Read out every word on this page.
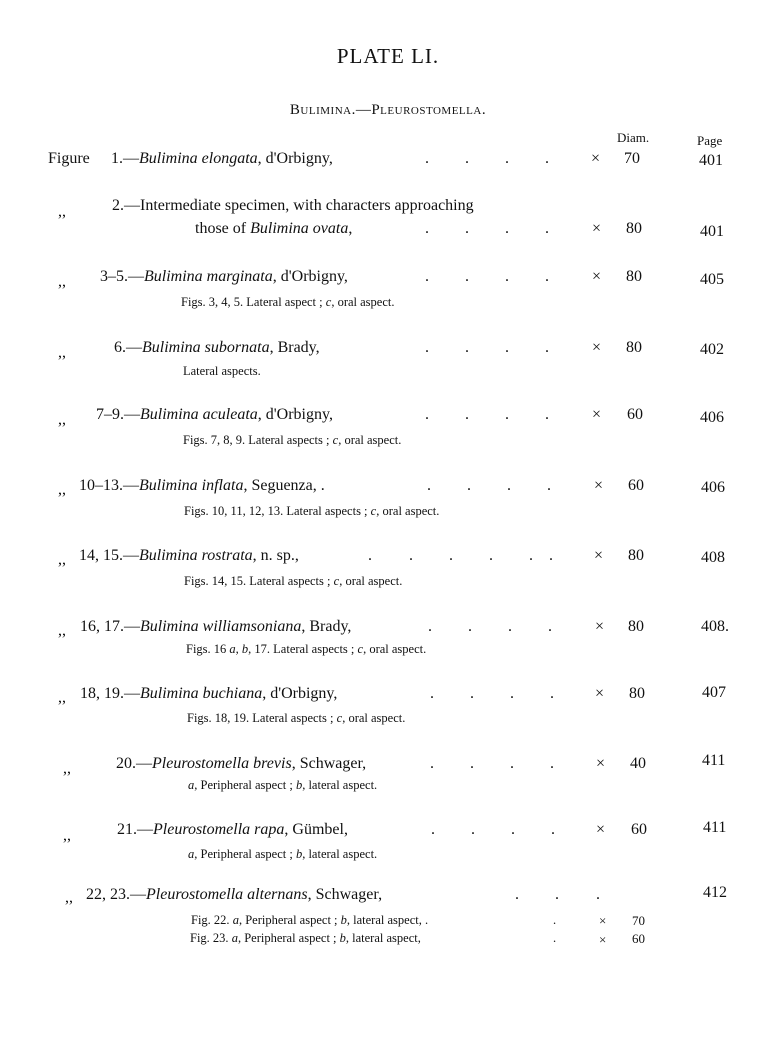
PLATE LI.
Bulimina.—Pleurostomella.
Diam.	Page
Figure 1.—Bulimina elongata, d'Orbigny,	. . . .	× 70	401
,,	2.—Intermediate specimen, with characters approaching
those of Bulimina ovata,	. . . .	× 80	401
,, 3–5.—Bulimina marginata, d'Orbigny,	. . . .	× 80	405
Figs. 3, 4, 5. Lateral aspect ; c, oral aspect.
,,	6.—Bulimina subornata, Brady,	. . . .	× 80	402
Lateral aspects.
,, 7–9.—Bulimina aculeata, d'Orbigny,	. . . .	× 60	406
Figs. 7, 8, 9. Lateral aspects ; c, oral aspect.
,, 10–13.—Bulimina inflata, Seguenza, .	. . . .	× 60	406
Figs. 10, 11, 12, 13. Lateral aspects ; c, oral aspect.
,, 14, 15.—Bulimina rostrata, n. sp.,	. . . . . .	× 80	408
Figs. 14, 15. Lateral aspects ; c, oral aspect.
,, 16, 17.—Bulimina williamsoniana, Brady,	. . . .	× 80	408.
Figs. 16 a, b, 17. Lateral aspects ; c, oral aspect.
,, 18, 19.—Bulimina buchiana, d'Orbigny,	. . . .	× 80	407
Figs. 18, 19. Lateral aspects ; c, oral aspect.
,,	20.—Pleurostomella brevis, Schwager,	. . . .	× 40	411
a, Peripheral aspect ; b, lateral aspect.
,,	21.—Pleurostomella rapa, Gümbel,	. . . .	× 60	411
a, Peripheral aspect ; b, lateral aspect.
,, 22, 23.—Pleurostomella alternans, Schwager,	. . .	412
Fig. 22. a, Peripheral aspect ; b, lateral aspect, .	.	× 70
Fig. 23. a, Peripheral aspect ; b, lateral aspect,	.	× 60
